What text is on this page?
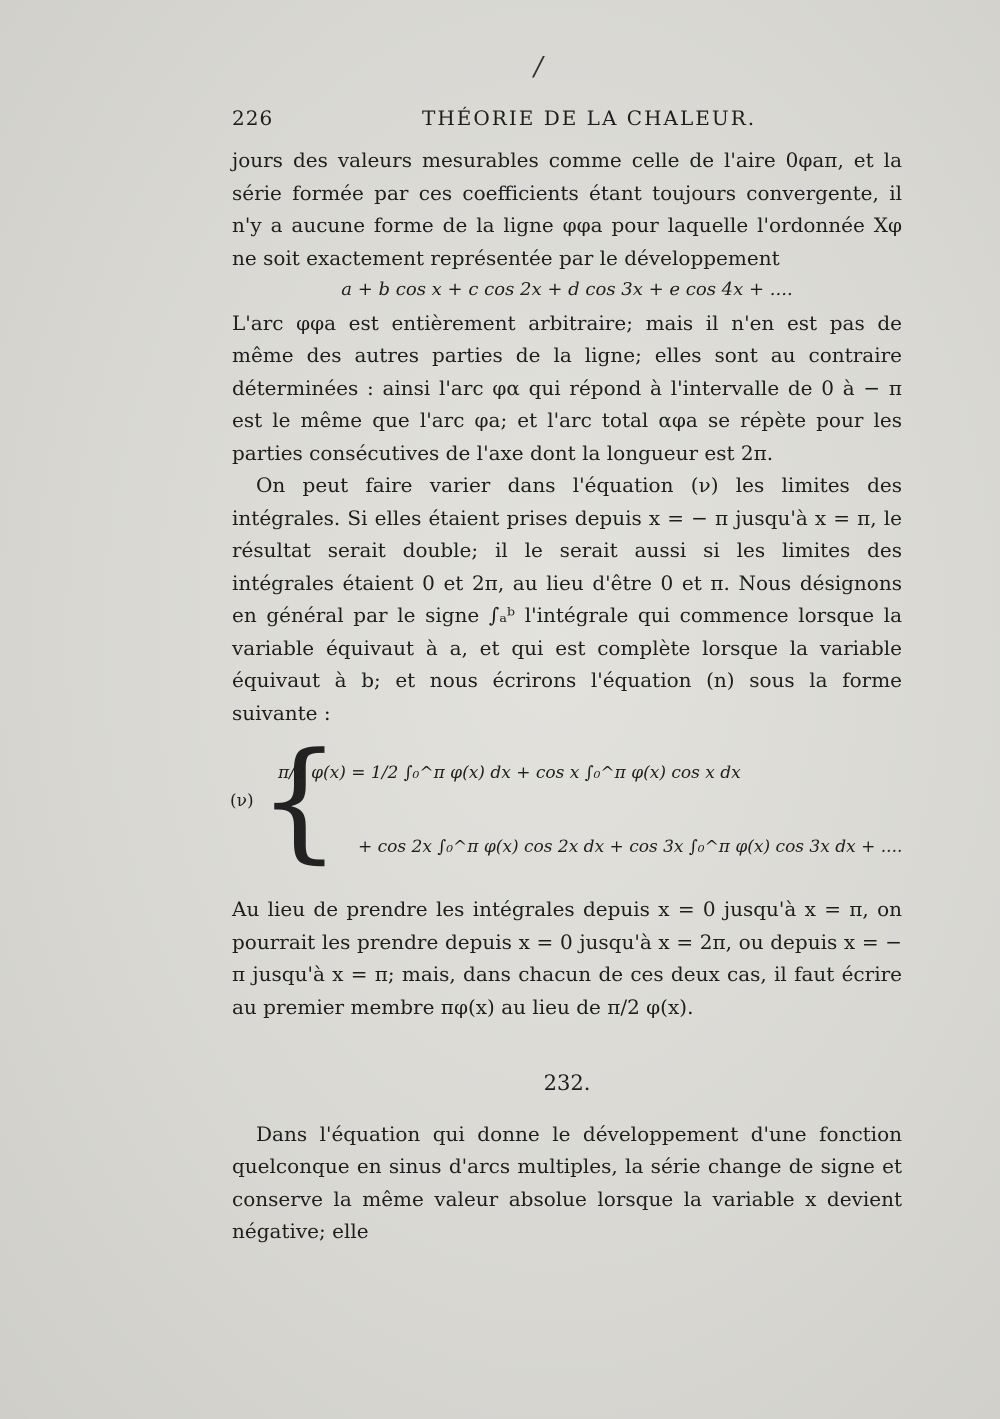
/
226	THÉORIE DE LA CHALEUR.

jours des valeurs mesurables comme celle de l'aire 0φaπ, et la série formée par ces coefficients étant toujours convergente, il n'y a aucune forme de la ligne φφa pour laquelle l'ordonnée Xφ ne soit exactement représentée par le développement

a + b cos x + c cos 2x + d cos 3x + e cos 4x + ....

L'arc φφa est entièrement arbitraire; mais il n'en est pas de même des autres parties de la ligne; elles sont au contraire déterminées : ainsi l'arc φα qui répond à l'intervalle de 0 à − π est le même que l'arc φa; et l'arc total αφa se répète pour les parties consécutives de l'axe dont la longueur est 2π.

On peut faire varier dans l'équation (ν) les limites des intégrales. Si elles étaient prises depuis x = − π jusqu'à x = π, le résultat serait double; il le serait aussi si les limites des intégrales étaient 0 et 2π, au lieu d'être 0 et π. Nous désignons en général par le signe ∫ₐᵇ l'intégrale qui commence lorsque la variable équivaut à a, et qui est complète lorsque la variable équivaut à b; et nous écrirons l'équation (n) sous la forme suivante :

(ν) {
π/2 φ(x) = 1/2 ∫₀^π φ(x) dx + cos x ∫₀^π φ(x) cos x dx
+ cos 2x ∫₀^π φ(x) cos 2x dx + cos 3x ∫₀^π φ(x) cos 3x dx + ....

Au lieu de prendre les intégrales depuis x = 0 jusqu'à x = π, on pourrait les prendre depuis x = 0 jusqu'à x = 2π, ou depuis x = − π jusqu'à x = π; mais, dans chacun de ces deux cas, il faut écrire au premier membre πφ(x) au lieu de π/2 φ(x).

232.

Dans l'équation qui donne le développement d'une fonction quelconque en sinus d'arcs multiples, la série change de signe et conserve la même valeur absolue lorsque la variable x devient négative; elle
